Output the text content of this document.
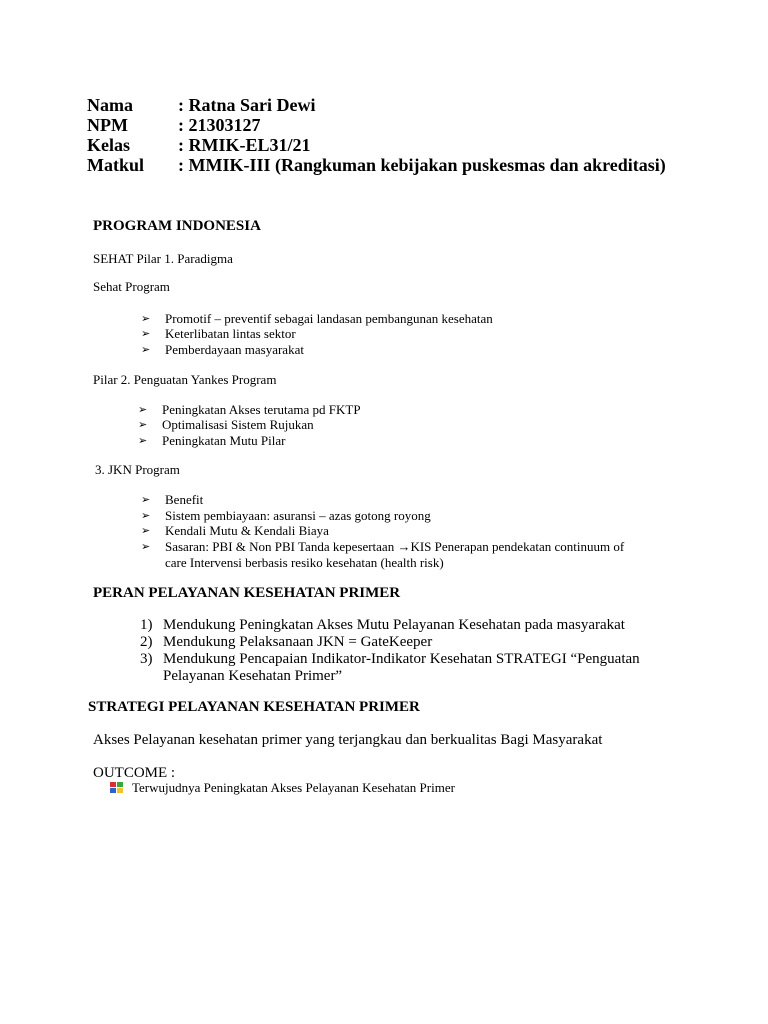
Nama	: Ratna Sari Dewi
NPM	: 21303127
Kelas	: RMIK-EL31/21
Matkul : MMIK-III (Rangkuman kebijakan puskesmas dan akreditasi)
PROGRAM INDONESIA
SEHAT Pilar 1. Paradigma
Sehat Program
➢ Promotif – preventif sebagai landasan pembangunan kesehatan
➢ Keterlibatan lintas sektor
➢ Pemberdayaan masyarakat
Pilar 2. Penguatan Yankes Program
➢ Peningkatan Akses terutama pd FKTP
➢ Optimalisasi Sistem Rujukan
➢ Peningkatan Mutu Pilar
3. JKN Program
➢ Benefit
➢ Sistem pembiayaan: asuransi – azas gotong royong
➢ Kendali Mutu & Kendali Biaya
➢ Sasaran: PBI & Non PBI Tanda kepesertaan →KIS Penerapan pendekatan continuum of
care Intervensi berbasis resiko kesehatan (health risk)
PERAN PELAYANAN KESEHATAN PRIMER
1) Mendukung Peningkatan Akses Mutu Pelayanan Kesehatan pada masyarakat
2) Mendukung Pelaksanaan JKN = GateKeeper
3) Mendukung Pencapaian Indikator-Indikator Kesehatan STRATEGI “Penguatan
Pelayanan Kesehatan Primer”
STRATEGI PELAYANAN KESEHATAN PRIMER
Akses Pelayanan kesehatan primer yang terjangkau dan berkualitas Bagi Masyarakat
OUTCOME :
Terwujudnya Peningkatan Akses Pelayanan Kesehatan Primer
